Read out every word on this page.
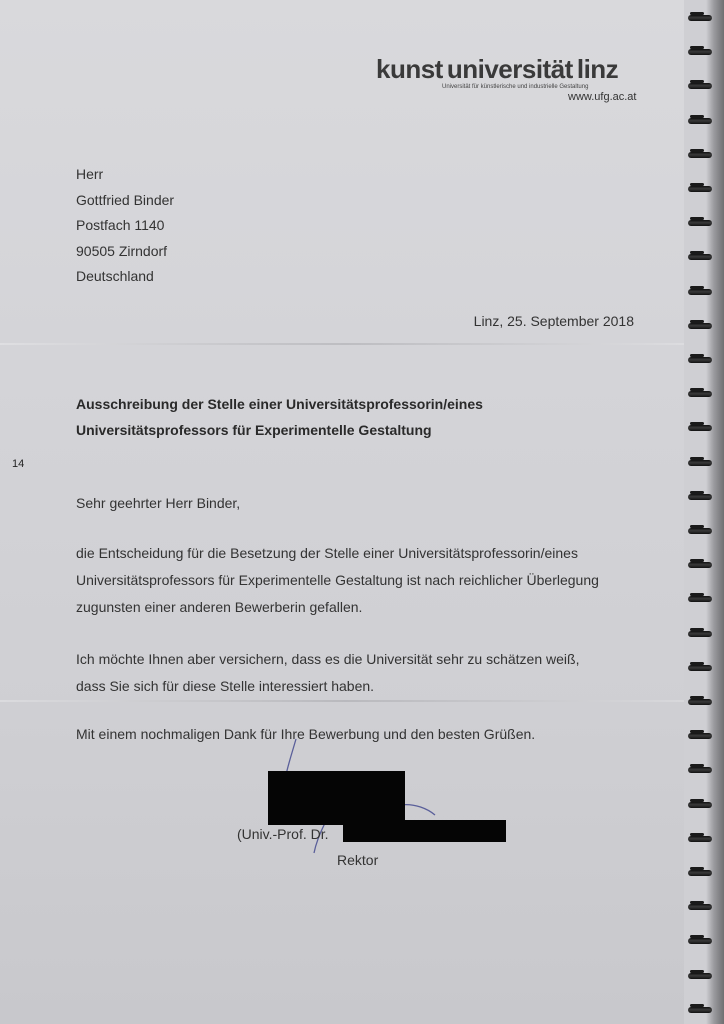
kunst universität linz
Universität für künstlerische und industrielle Gestaltung
www.ufg.ac.at
Herr
Gottfried Binder
Postfach 1140
90505 Zirndorf
Deutschland
Linz, 25. September 2018
Ausschreibung der Stelle einer Universitätsprofessorin/eines
Universitätsprofessors für Experimentelle Gestaltung
14
Sehr geehrter Herr Binder,
die Entscheidung für die Besetzung der Stelle einer Universitätsprofessorin/eines
Universitätsprofessors für Experimentelle Gestaltung ist nach reichlicher Überlegung
zugunsten einer anderen Bewerberin gefallen.
Ich möchte Ihnen aber versichern, dass es die Universität sehr zu schätzen weiß,
dass Sie sich für diese Stelle interessiert haben.
Mit einem nochmaligen Dank für Ihre Bewerbung und den besten Grüßen.
(Univ.-Prof. Dr.
Rektor
